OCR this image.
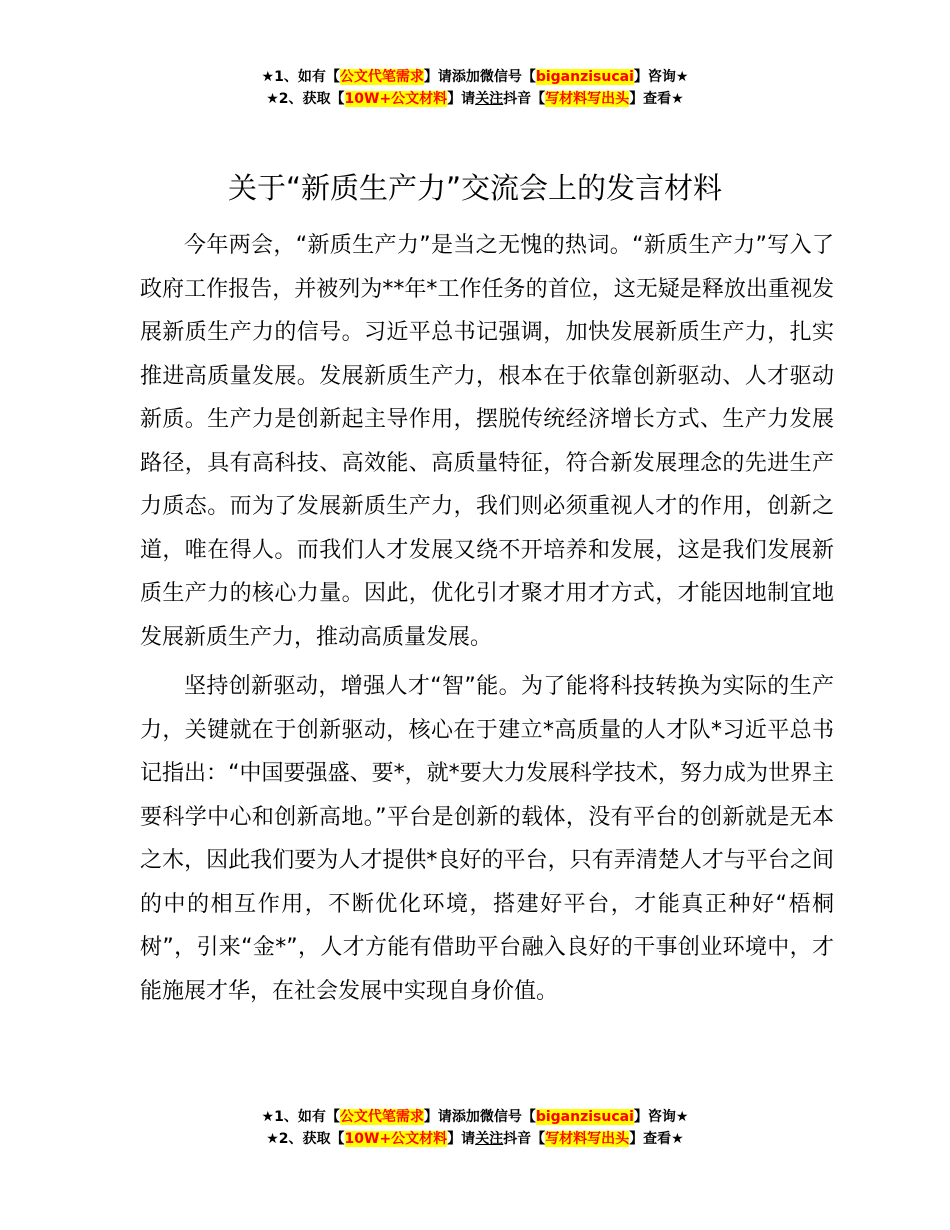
★1、如有【公文代笔需求】请添加微信号【biganzisucai】咨询★
★2、获取【10W+公文材料】请关注抖音【写材料写出头】查看★
关于“新质生产力”交流会上的发言材料

今年两会，“新质生产力”是当之无愧的热词。“新质生产力”写入了政府工作报告，并被列为**年*工作任务的首位，这无疑是释放出重视发展新质生产力的信号。习近平总书记强调，加快发展新质生产力，扎实推进高质量发展。发展新质生产力，根本在于依靠创新驱动、人才驱动新质。生产力是创新起主导作用，摆脱传统经济增长方式、生产力发展路径，具有高科技、高效能、高质量特征，符合新发展理念的先进生产力质态。而为了发展新质生产力，我们则必须重视人才的作用，创新之道，唯在得人。而我们人才发展又绕不开培养和发展，这是我们发展新质生产力的核心力量。因此，优化引才聚才用才方式，才能因地制宜地发展新质生产力，推动高质量发展。

坚持创新驱动，增强人才“智”能。为了能将科技转换为实际的生产力，关键就在于创新驱动，核心在于建立*高质量的人才队*习近平总书记指出：“中国要强盛、要*，就*要大力发展科学技术，努力成为世界主要科学中心和创新高地。”平台是创新的载体，没有平台的创新就是无本之木，因此我们要为人才提供*良好的平台，只有弄清楚人才与平台之间的中的相互作用，不断优化环境，搭建好平台，才能真正种好“梧桐树”，引来“金*”，人才方能有借助平台融入良好的干事创业环境中，才能施展才华，在社会发展中实现自身价值。

★1、如有【公文代笔需求】请添加微信号【biganzisucai】咨询★
★2、获取【10W+公文材料】请关注抖音【写材料写出头】查看★
